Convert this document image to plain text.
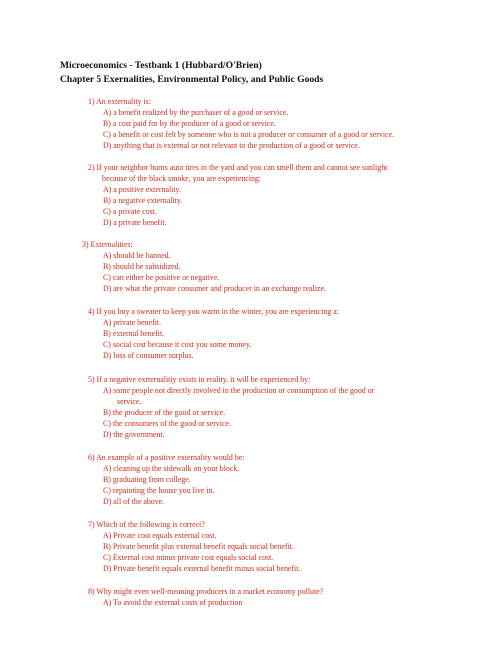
Microeconomics - Testbank 1 (Hubbard/O'Brien)
Chapter 5 Exernalities, Environmental Policy, and Public Goods
1) An externality is:
A) a benefit realized by the purchaser of a good or service.
B) a cost paid for by the producer of a good or service.
C) a benefit or cost felt by someone who is not a producer or consumer of a good or service.
D) anything that is external or not relevant to the production of a good or service.
2) If your neighbor burns auto tires in the yard and you can smell them and cannot see sunlight
because of the black smoke, you are experiencing:
A) a positive externality.
B) a negative externality.
C) a private cost.
D) a private benefit.
3) Externalities:
A) should be banned.
B) should be subsidized.
C) can either be positive or negative.
D) are what the private consumer and producer in an exchange realize.
4) If you buy a sweater to keep you warm in the winter, you are experiencing a:
A) private benefit.
B) external benefit.
C) social cost because it cost you some money.
D) loss of consumer surplus.
5) If a negative exrternalitiy exists in reality, it will be experienced by:
A) some people not directly involved in the production or consumption of the good or
service.
B) the producer of the good or service.
C) the consumers of the good or service.
D) the government.
6) An example of a positive externality would be:
A) cleaning up the sidewalk on your block.
B) graduating from college.
C) repainting the house you live in.
D) all of the above.
7) Which of the following is correct?
A) Private cost equals external cost.
B) Private benefit plus external benefit equals social benefit.
C) External cost minus private cost equals social cost.
D) Private benefit equals external benefit minus social benefit.
8) Why might even well-meaning producers in a market economy pollute?
A) To avoid the external costs of production
